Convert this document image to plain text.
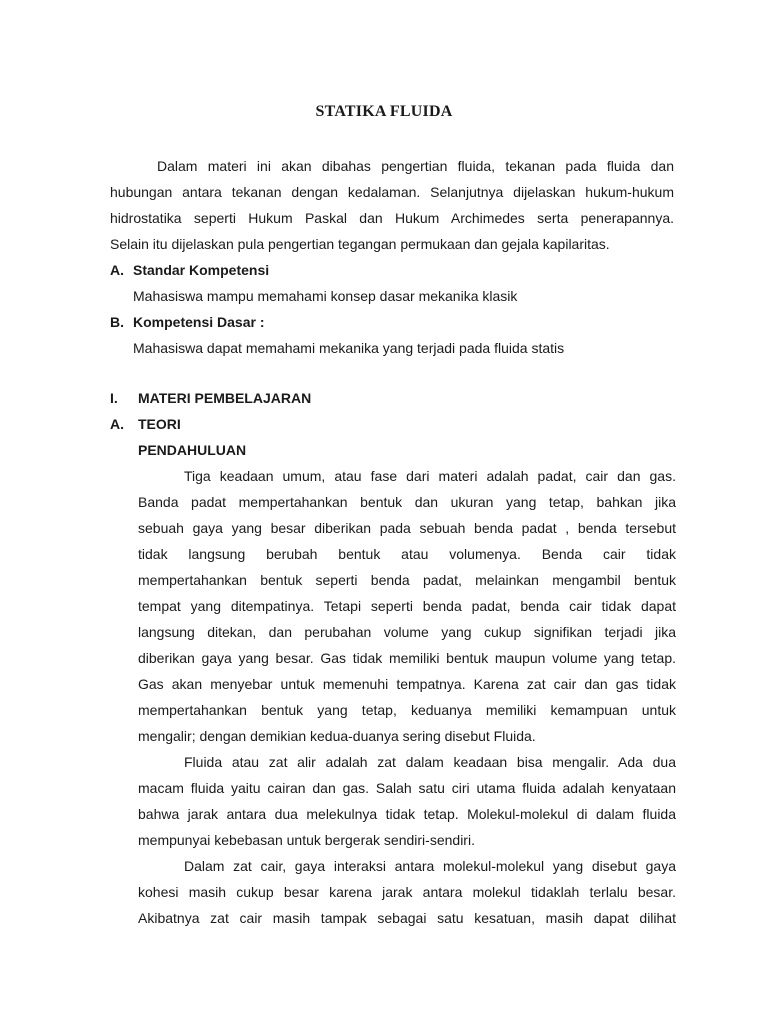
STATIKA FLUIDA
Dalam materi ini akan dibahas pengertian fluida, tekanan pada fluida dan
hubungan antara tekanan dengan kedalaman. Selanjutnya dijelaskan hukum-hukum
hidrostatika seperti Hukum Paskal dan Hukum Archimedes serta penerapannya.
Selain itu dijelaskan pula pengertian tegangan permukaan dan gejala kapilaritas.
A. Standar Kompetensi
Mahasiswa mampu memahami konsep dasar mekanika klasik
B. Kompetensi Dasar :
Mahasiswa dapat memahami mekanika yang terjadi pada fluida statis
I. MATERI PEMBELAJARAN
A. TEORI
PENDAHULUAN
Tiga keadaan umum, atau fase dari materi adalah padat, cair dan gas.
Banda padat mempertahankan bentuk dan ukuran yang tetap, bahkan jika
sebuah gaya yang besar diberikan pada sebuah benda padat , benda tersebut
tidak langsung berubah bentuk atau volumenya. Benda cair tidak
mempertahankan bentuk seperti benda padat, melainkan mengambil bentuk
tempat yang ditempatinya. Tetapi seperti benda padat, benda cair tidak dapat
langsung ditekan, dan perubahan volume yang cukup signifikan terjadi jika
diberikan gaya yang besar. Gas tidak memiliki bentuk maupun volume yang tetap.
Gas akan menyebar untuk memenuhi tempatnya. Karena zat cair dan gas tidak
mempertahankan bentuk yang tetap, keduanya memiliki kemampuan untuk
mengalir; dengan demikian kedua-duanya sering disebut Fluida.
Fluida atau zat alir adalah zat dalam keadaan bisa mengalir. Ada dua
macam fluida yaitu cairan dan gas. Salah satu ciri utama fluida adalah kenyataan
bahwa jarak antara dua melekulnya tidak tetap. Molekul-molekul di dalam fluida
mempunyai kebebasan untuk bergerak sendiri-sendiri.
Dalam zat cair, gaya interaksi antara molekul-molekul yang disebut gaya
kohesi masih cukup besar karena jarak antara molekul tidaklah terlalu besar.
Akibatnya zat cair masih tampak sebagai satu kesatuan, masih dapat dilihat
